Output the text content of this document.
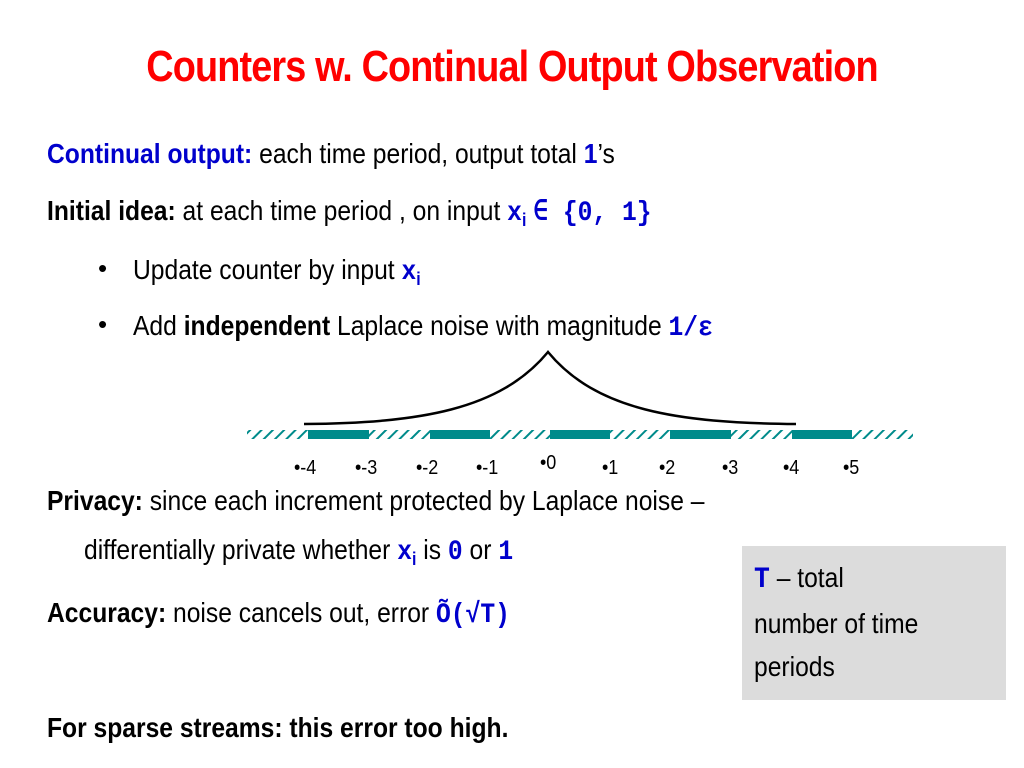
Counters w. Continual Output Observation
Continual output: each time period, output total 1’s
Initial idea: at each time period , on input $x_i$ ∈ {0, 1}
• Update counter by input $x_i$
• Add independent Laplace noise with magnitude 1/ε
•-4 •-3 •-2 •-1 •0 •1 •2 •3 •4 •5
Privacy: since each increment protected by Laplace noise –
differentially private whether $x_i$ is 0 or 1
Accuracy: noise cancels out, error Õ(√T)
T – total
number of time
periods
For sparse streams: this error too high.
